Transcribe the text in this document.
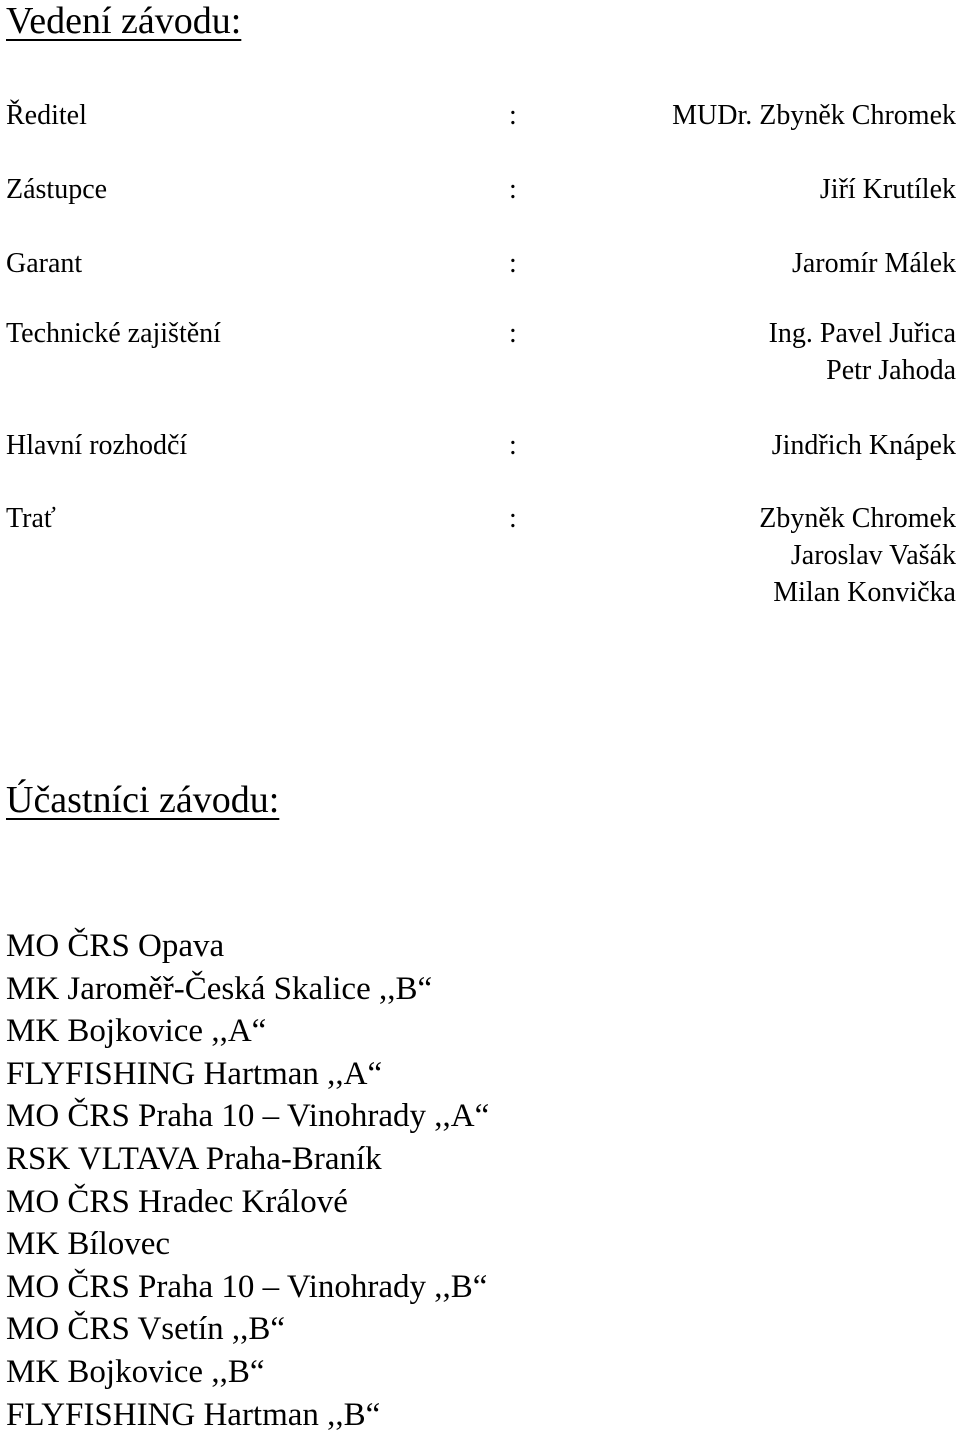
Vedení závodu:
Ředitel	:	MUDr. Zbyněk Chromek
Zástupce	:	Jiří Krutílek
Garant	:	Jaromír Málek
Technické zajištění	:	Ing. Pavel Juřica
Petr Jahoda
Hlavní rozhodčí	:	Jindřich Knápek
Trať	:	Zbyněk Chromek
Jaroslav Vašák
Milan Konvička
Účastníci závodu:
MO ČRS Opava
MK Jaroměř-Česká Skalice ,,B“
MK Bojkovice ,,A“
FLYFISHING Hartman ,,A“
MO ČRS Praha 10 – Vinohrady ,,A“
RSK VLTAVA Praha-Braník
MO ČRS Hradec Králové
MK Bílovec
MO ČRS Praha 10 – Vinohrady ,,B“
MO ČRS Vsetín ,,B“
MK Bojkovice ,,B“
FLYFISHING Hartman ,,B“
